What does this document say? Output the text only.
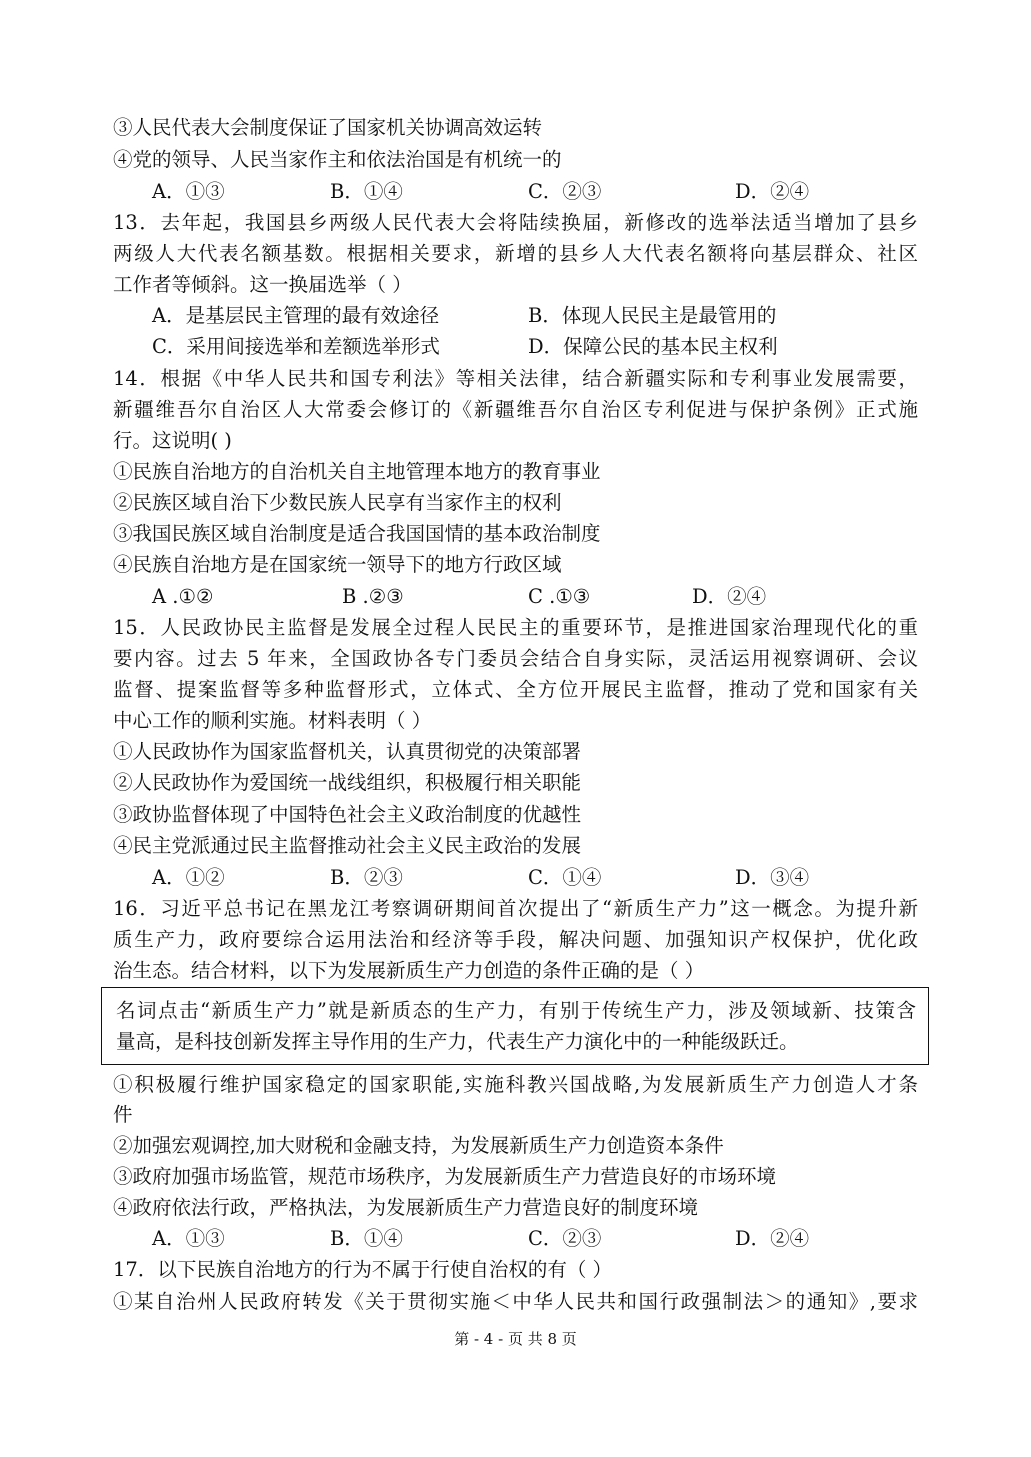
③人民代表大会制度保证了国家机关协调高效运转
④党的领导、人民当家作主和依法治国是有机统一的
A．①③	B．①④	C．②③	D．②④
13．去年起，我国县乡两级人民代表大会将陆续换届，新修改的选举法适当增加了县乡
两级人大代表名额基数。根据相关要求，新增的县乡人大代表名额将向基层群众、社区
工作者等倾斜。这一换届选举（ ）
A．是基层民主管理的最有效途径	B．体现人民民主是最管用的
C．采用间接选举和差额选举形式	D．保障公民的基本民主权利
14．根据《中华人民共和国专利法》等相关法律，结合新疆实际和专利事业发展需要，
新疆维吾尔自治区人大常委会修订的《新疆维吾尔自治区专利促进与保护条例》正式施
行。这说明( )
①民族自治地方的自治机关自主地管理本地方的教育事业
②民族区域自治下少数民族人民享有当家作主的权利
③我国民族区域自治制度是适合我国国情的基本政治制度
④民族自治地方是在国家统一领导下的地方行政区域
A .①②	B .②③	C .①③	D．②④
15．人民政协民主监督是发展全过程人民民主的重要环节，是推进国家治理现代化的重
要内容。过去 5 年来，全国政协各专门委员会结合自身实际，灵活运用视察调研、会议
监督、提案监督等多种监督形式，立体式、全方位开展民主监督，推动了党和国家有关
中心工作的顺利实施。材料表明（ ）
①人民政协作为国家监督机关，认真贯彻党的决策部署
②人民政协作为爱国统一战线组织，积极履行相关职能
③政协监督体现了中国特色社会主义政治制度的优越性
④民主党派通过民主监督推动社会主义民主政治的发展
A．①②	B．②③	C．①④	D．③④
16．习近平总书记在黑龙江考察调研期间首次提出了“新质生产力”这一概念。为提升新
质生产力，政府要综合运用法治和经济等手段，解决问题、加强知识产权保护，优化政
治生态。结合材料，以下为发展新质生产力创造的条件正确的是（ ）
名词点击“新质生产力”就是新质态的生产力，有别于传统生产力，涉及领域新、技策含
量高，是科技创新发挥主导作用的生产力，代表生产力演化中的一种能级跃迁。
①积极履行维护国家稳定的国家职能,实施科教兴国战略,为发展新质生产力创造人才条
件
②加强宏观调控,加大财税和金融支持，为发展新质生产力创造资本条件
③政府加强市场监管，规范市场秩序，为发展新质生产力营造良好的市场环境
④政府依法行政，严格执法，为发展新质生产力营造良好的制度环境
A．①③	B．①④	C．②③	D．②④
17．以下民族自治地方的行为不属于行使自治权的有（ ）
①某自治州人民政府转发《关于贯彻实施＜中华人民共和国行政强制法＞的通知》,要求
第 - 4 - 页 共 8 页
